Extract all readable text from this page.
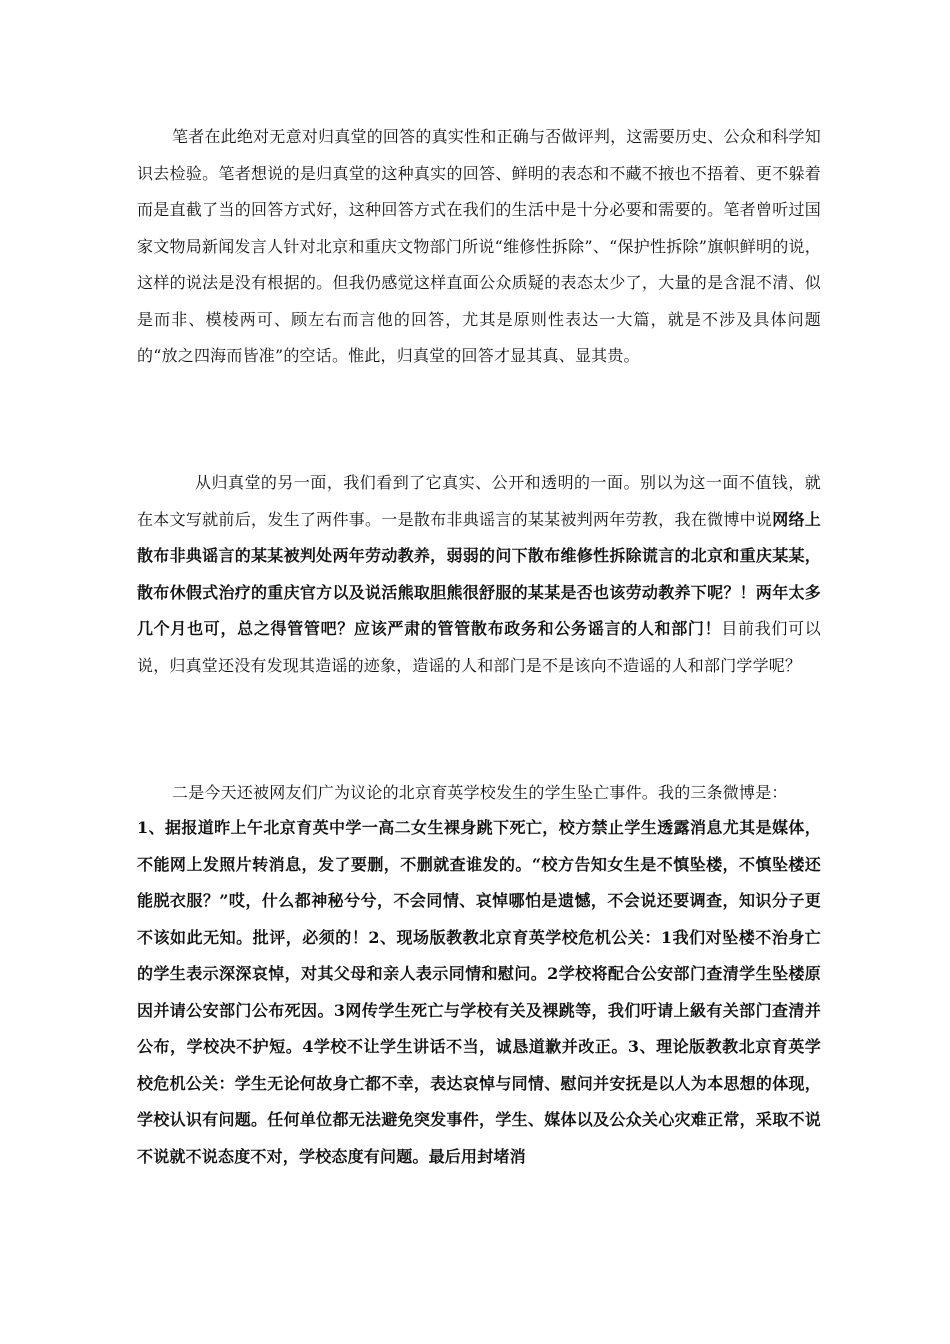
笔者在此绝对无意对归真堂的回答的真实性和正确与否做评判，这需要历史、公众和科学知识去检验。笔者想说的是归真堂的这种真实的回答、鲜明的表态和不藏不掖也不捂着、更不躲着而是直截了当的回答方式好，这种回答方式在我们的生活中是十分必要和需要的。笔者曾听过国家文物局新闻发言人针对北京和重庆文物部门所说“维修性拆除”、“保护性拆除”旗帜鲜明的说，这样的说法是没有根据的。但我仍感觉这样直面公众质疑的表态太少了，大量的是含混不清、似是而非、模棱两可、顾左右而言他的回答，尤其是原则性表达一大篇，就是不涉及具体问题的“放之四海而皆准”的空话。惟此，归真堂的回答才显其真、显其贵。

从归真堂的另一面，我们看到了它真实、公开和透明的一面。别以为这一面不值钱，就在本文写就前后，发生了两件事。一是散布非典谣言的某某被判两年劳教，我在微博中说网络上散布非典谣言的某某被判处两年劳动教养，弱弱的问下散布维修性拆除谎言的北京和重庆某某，散布休假式治疗的重庆官方以及说活熊取胆熊很舒服的某某是否也该劳动教养下呢？！两年太多几个月也可，总之得管管吧？应该严肃的管管散布政务和公务谣言的人和部门！目前我们可以说，归真堂还没有发现其造谣的迹象，造谣的人和部门是不是该向不造谣的人和部门学学呢？

二是今天还被网友们广为议论的北京育英学校发生的学生坠亡事件。我的三条微博是：

1、据报道昨上午北京育英中学一高二女生裸身跳下死亡，校方禁止学生透露消息尤其是媒体，不能网上发照片转消息，发了要删，不删就查谁发的。“校方告知女生是不慎坠楼，不慎坠楼还能脱衣服？”哎，什么都神秘兮兮，不会同情、哀悼哪怕是遗憾，不会说还要调查，知识分子更不该如此无知。批评，必须的！2、现场版教教北京育英学校危机公关：1我们对坠楼不治身亡的学生表示深深哀悼，对其父母和亲人表示同情和慰问。2学校将配合公安部门查清学生坠楼原因并请公安部门公布死因。3网传学生死亡与学校有关及裸跳等，我们吁请上級有关部门查清并公布，学校决不护短。4学校不让学生讲话不当，诚恳道歉并改正。3、理论版教教北京育英学校危机公关：学生无论何故身亡都不幸，表达哀悼与同情、慰问并安抚是以人为本思想的体现，学校认识有问题。任何单位都无法避免突发事件，学生、媒体以及公众关心灾难正常，采取不说不说就不说态度不对，学校态度有问题。最后用封堵消
